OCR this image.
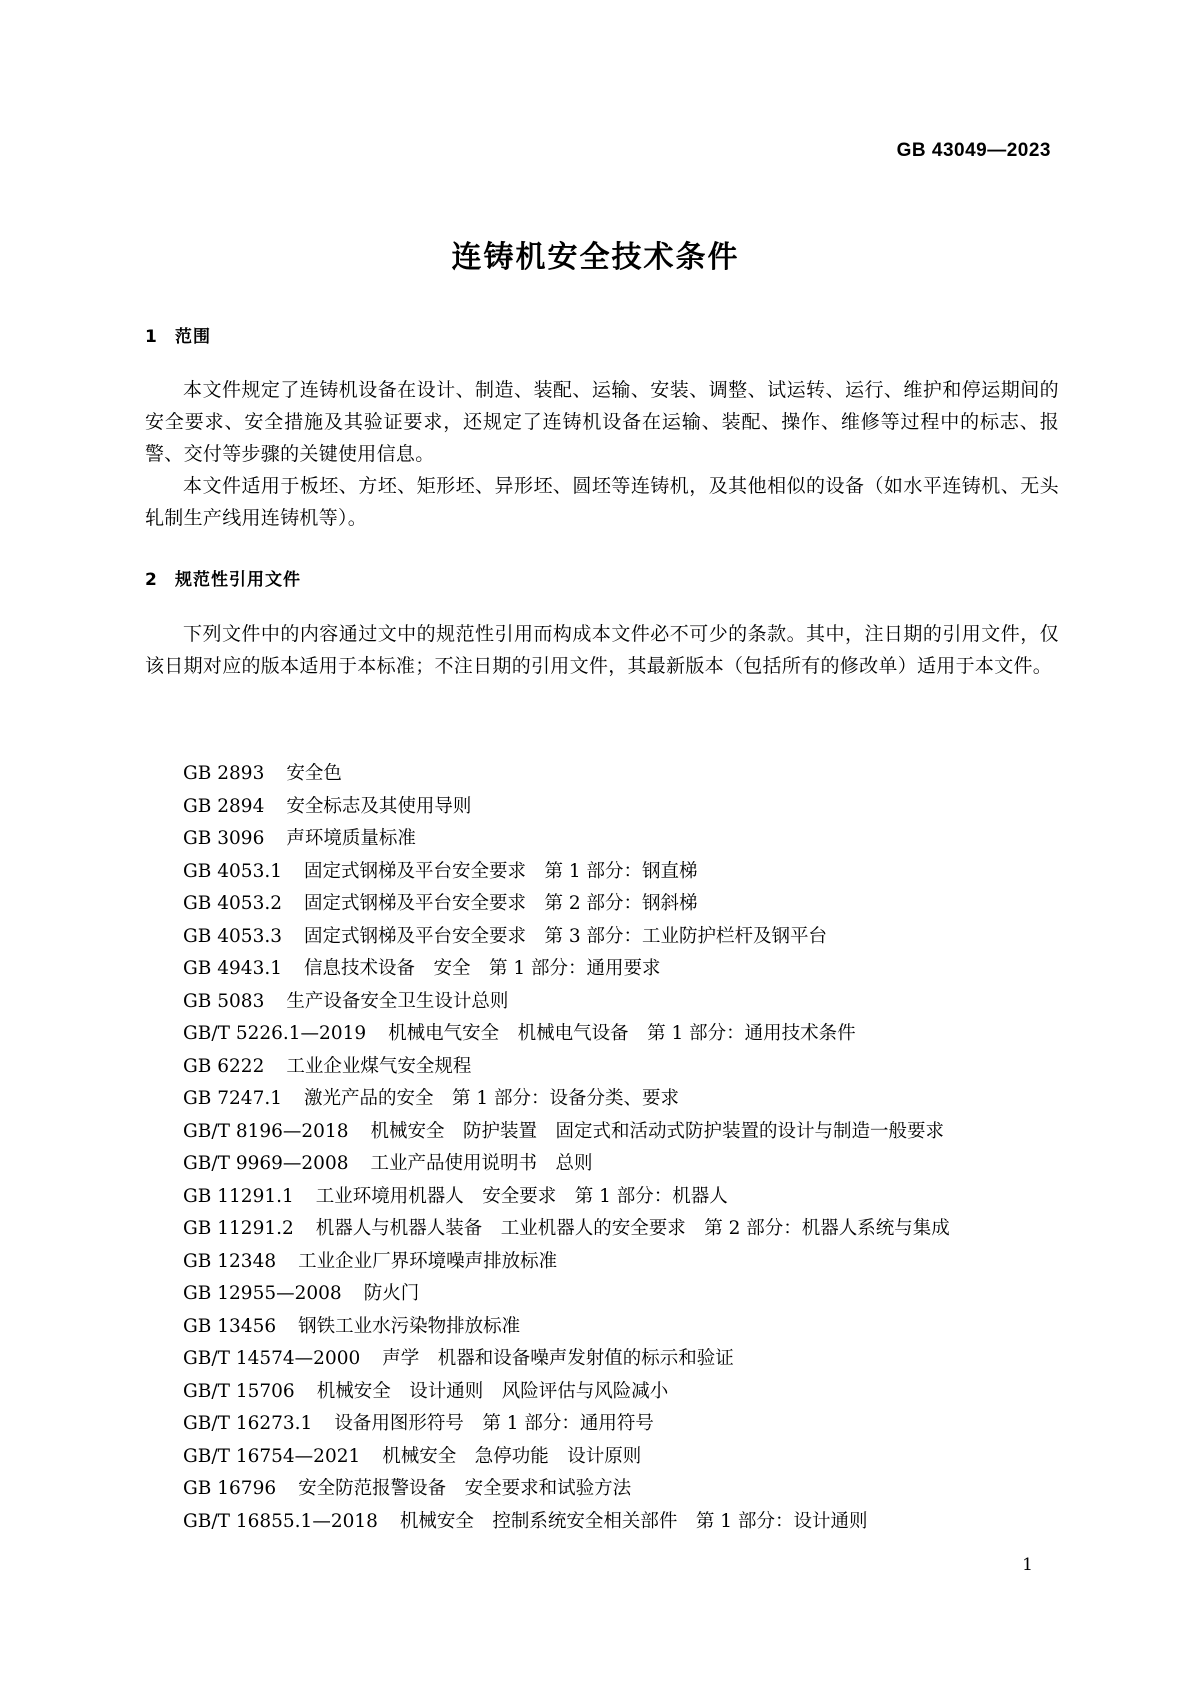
GB 43049—2023
连铸机安全技术条件
1 范围
本文件规定了连铸机设备在设计、制造、装配、运输、安装、调整、试运转、运行、维护和停运期间的安全要求、安全措施及其验证要求，还规定了连铸机设备在运输、装配、操作、维修等过程中的标志、报警、交付等步骤的关键使用信息。
本文件适用于板坯、方坯、矩形坯、异形坯、圆坯等连铸机，及其他相似的设备（如水平连铸机、无头轧制生产线用连铸机等）。
2 规范性引用文件
下列文件中的内容通过文中的规范性引用而构成本文件必不可少的条款。其中，注日期的引用文件，仅该日期对应的版本适用于本标准；不注日期的引用文件，其最新版本（包括所有的修改单）适用于本文件。
GB 2893 安全色
GB 2894 安全标志及其使用导则
GB 3096 声环境质量标准
GB 4053.1 固定式钢梯及平台安全要求　第 1 部分：钢直梯
GB 4053.2 固定式钢梯及平台安全要求　第 2 部分：钢斜梯
GB 4053.3 固定式钢梯及平台安全要求　第 3 部分：工业防护栏杆及钢平台
GB 4943.1 信息技术设备　安全　第 1 部分：通用要求
GB 5083 生产设备安全卫生设计总则
GB/T 5226.1—2019 机械电气安全　机械电气设备　第 1 部分：通用技术条件
GB 6222 工业企业煤气安全规程
GB 7247.1 激光产品的安全　第 1 部分：设备分类、要求
GB/T 8196—2018 机械安全　防护装置　固定式和活动式防护装置的设计与制造一般要求
GB/T 9969—2008 工业产品使用说明书　总则
GB 11291.1 工业环境用机器人　安全要求　第 1 部分：机器人
GB 11291.2 机器人与机器人装备　工业机器人的安全要求　第 2 部分：机器人系统与集成
GB 12348 工业企业厂界环境噪声排放标准
GB 12955—2008 防火门
GB 13456 钢铁工业水污染物排放标准
GB/T 14574—2000 声学　机器和设备噪声发射值的标示和验证
GB/T 15706 机械安全　设计通则　风险评估与风险减小
GB/T 16273.1 设备用图形符号　第 1 部分：通用符号
GB/T 16754—2021 机械安全　急停功能　设计原则
GB 16796 安全防范报警设备　安全要求和试验方法
GB/T 16855.1—2018 机械安全　控制系统安全相关部件　第 1 部分：设计通则
1
